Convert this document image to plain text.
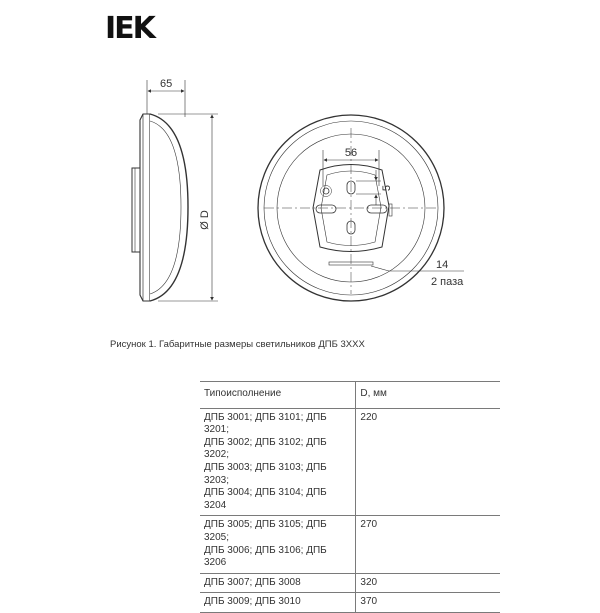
IEK
65
Ø D
56
5
14
2 паза
Рисунок 1. Габаритные размеры светильников ДПБ 3XXX
Типоисполнение	D, мм

ДПБ 3001; ДПБ 3101; ДПБ 3201;
ДПБ 3002; ДПБ 3102; ДПБ 3202;
ДПБ 3003; ДПБ 3103; ДПБ 3203;
ДПБ 3004; ДПБ 3104; ДПБ 3204	220

ДПБ 3005; ДПБ 3105; ДПБ 3205;
ДПБ 3006; ДПБ 3106; ДПБ 3206	270

ДПБ 3007; ДПБ 3008	320

ДПБ 3009; ДПБ 3010	370
